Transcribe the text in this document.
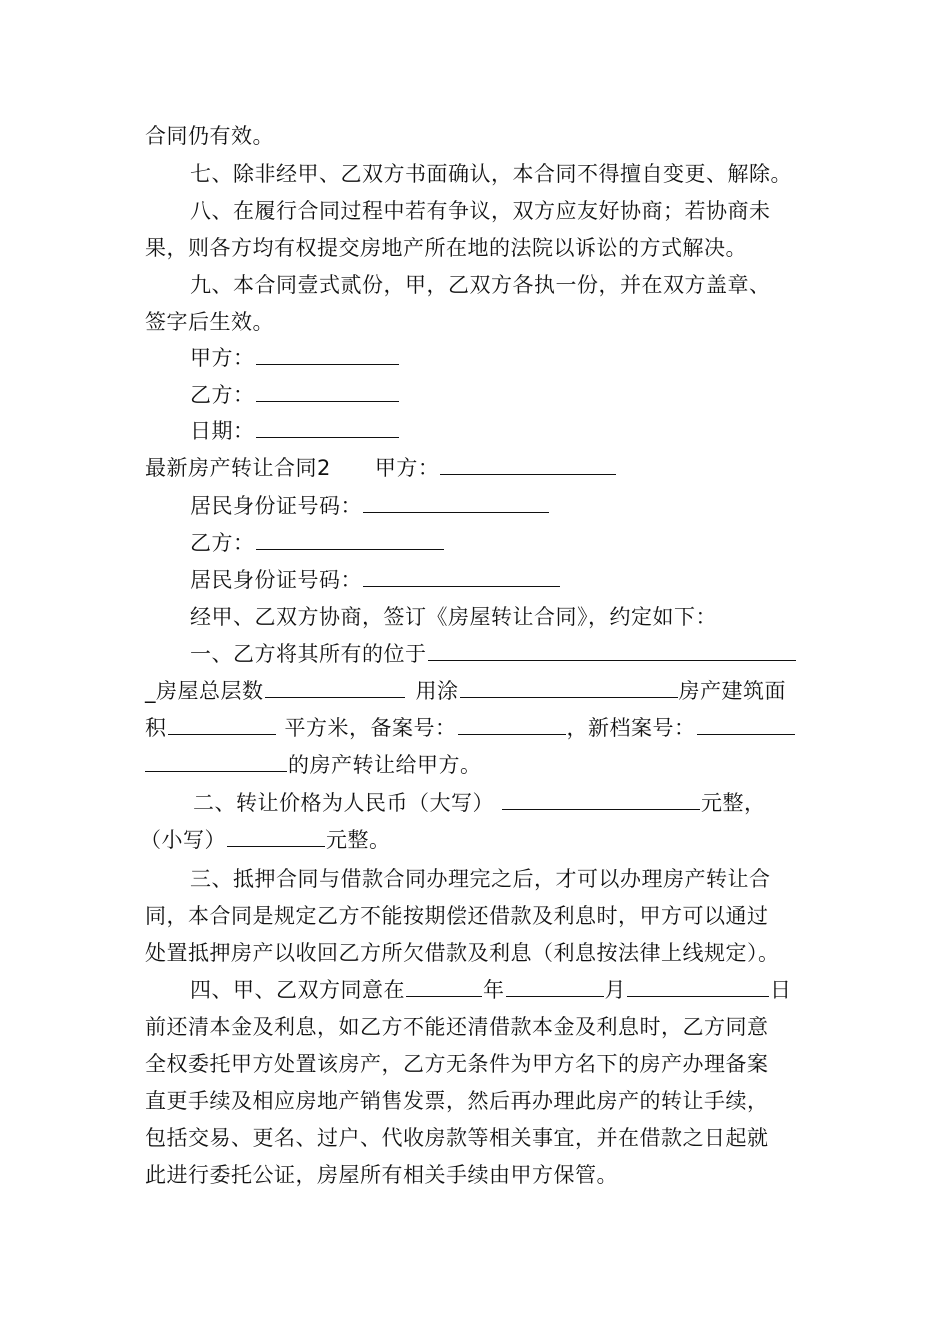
合同仍有效。
七、除非经甲、乙双方书面确认，本合同不得擅自变更、解除。
八、在履行合同过程中若有争议，双方应友好协商；若协商未
果，则各方均有权提交房地产所在地的法院以诉讼的方式解决。
九、本合同壹式贰份，甲，乙双方各执一份，并在双方盖章、
签字后生效。
甲方：
乙方：
日期：
最新房产转让合同2 甲方：
居民身份证号码：
乙方：
居民身份证号码：
经甲、乙双方协商，签订《房屋转让合同》，约定如下：
一、乙方将其所有的位于
_房屋总层数	用涂	房产建筑面
积	平方米，备案号：	，新档案号：
的房产转让给甲方。
二、转让价格为人民币（大写）	元整，
（小写）	元整。
三、抵押合同与借款合同办理完之后，才可以办理房产转让合
同，本合同是规定乙方不能按期偿还借款及利息时，甲方可以通过
处置抵押房产以收回乙方所欠借款及利息（利息按法律上线规定）。
四、甲、乙双方同意在	年	月	日
前还清本金及利息，如乙方不能还清借款本金及利息时，乙方同意
全权委托甲方处置该房产，乙方无条件为甲方名下的房产办理备案
直更手续及相应房地产销售发票，然后再办理此房产的转让手续，
包括交易、更名、过户、代收房款等相关事宜，并在借款之日起就
此进行委托公证，房屋所有相关手续由甲方保管。
